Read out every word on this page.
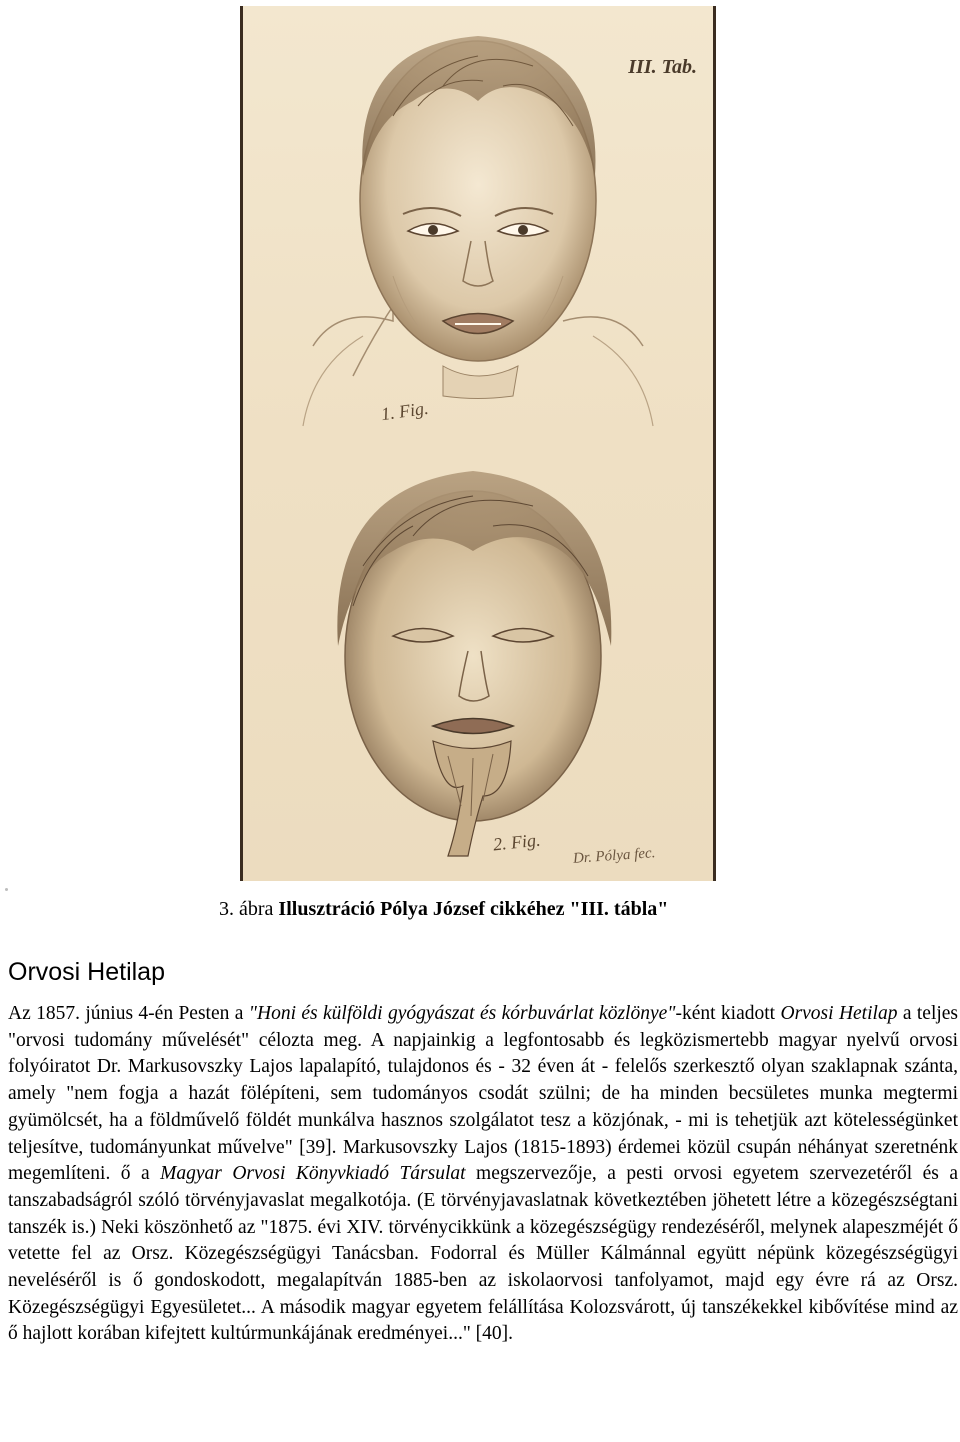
III. Tab.
1. Fig.
2. Fig.
Dr. Pólya fec.
3. ábra Illusztráció Pólya József cikkéhez "III. tábla"
Orvosi Hetilap

Az 1857. június 4-én Pesten a "Honi és külföldi gyógyászat és kórbuvárlat közlönye"-ként kiadott Orvosi Hetilap a teljes "orvosi tudomány művelését" célozta meg. A napjainkig a legfontosabb és legközismertebb magyar nyelvű orvosi folyóiratot Dr. Markusovszky Lajos lapalapító, tulajdonos és - 32 éven át - felelős szerkesztő olyan szaklapnak szánta, amely "nem fogja a hazát fölépíteni, sem tudományos csodát szülni; de ha minden becsületes munka megtermi gyümölcsét, ha a földművelő földét munkálva hasznos szolgálatot tesz a közjónak, - mi is tehetjük azt kötelességünket teljesítve, tudományunkat művelve" [39]. Markusovszky Lajos (1815-1893) érdemei közül csupán néhányat szeretnénk megemlíteni. ő a Magyar Orvosi Könyvkiadó Társulat megszervezője, a pesti orvosi egyetem szervezetéről és a tanszabadságról szóló törvényjavaslat megalkotója. (E törvényjavaslatnak következtében jöhetett létre a közegészségtani tanszék is.) Neki köszönhető az "1875. évi XIV. törvénycikkünk a közegészségügy rendezéséről, melynek alapeszméjét ő vetette fel az Orsz. Közegészségügyi Tanácsban. Fodorral és Müller Kálmánnal együtt népünk közegészségügyi neveléséről is ő gondoskodott, megalapítván 1885-ben az iskolaorvosi tanfolyamot, majd egy évre rá az Orsz. Közegészségügyi Egyesületet... A második magyar egyetem felállítása Kolozsvárott, új tanszékekkel kibővítése mind az ő hajlott korában kifejtett kultúrmunkájának eredményei..." [40].
